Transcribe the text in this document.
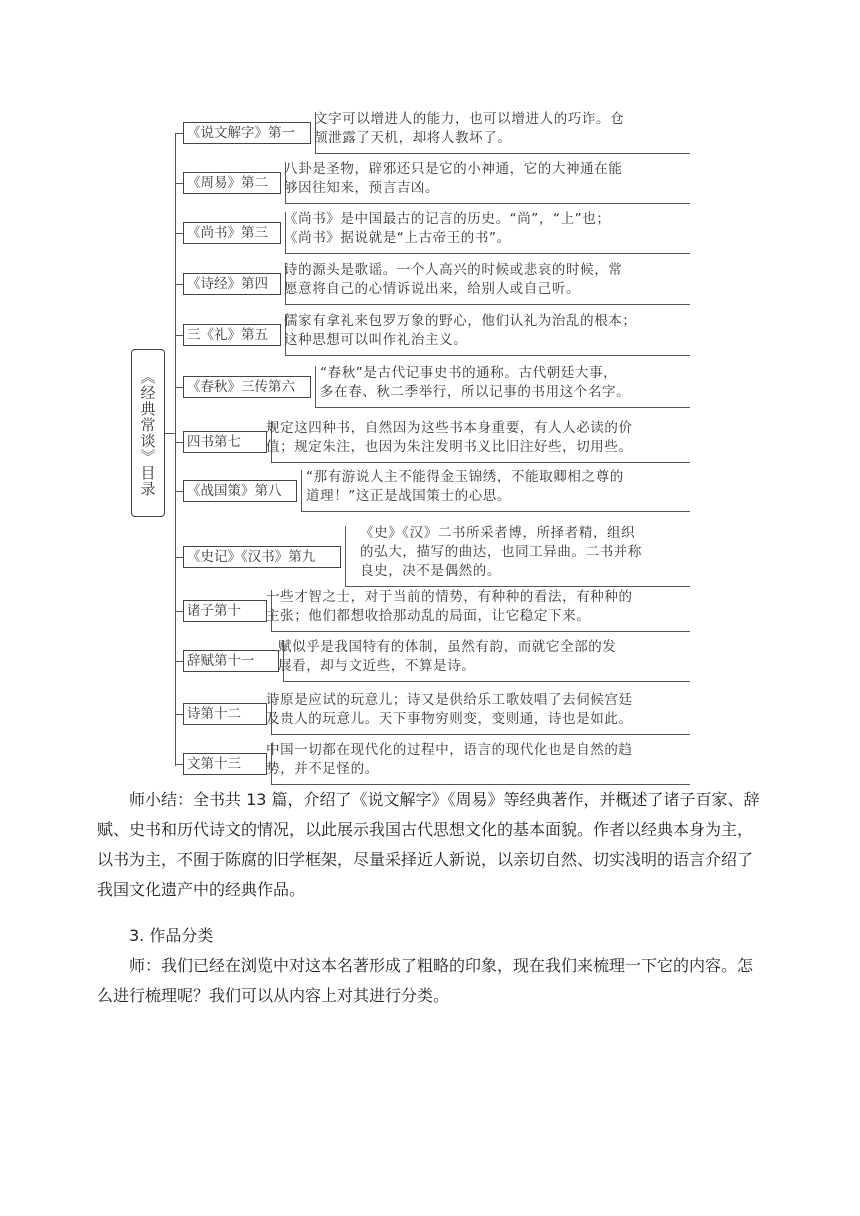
《经典常谈》目录
《说文解字》第一
文字可以增进人的能力，也可以增进人的巧诈。仓
颉泄露了天机，却将人教坏了。
《周易》第二
八卦是圣物，辟邪还只是它的小神通，它的大神通在能
够因往知来，预言吉凶。
《尚书》第三
《尚书》是中国最古的记言的历史。“尚”，“上”也；
《尚书》据说就是“上古帝王的书”。
《诗经》第四
诗的源头是歌谣。一个人高兴的时候或悲哀的时候，常
愿意将自己的心情诉说出来，给别人或自己听。
三《礼》第五
儒家有拿礼来包罗万象的野心，他们认礼为治乱的根本；
这种思想可以叫作礼治主义。
《春秋》三传第六
“春秋”是古代记事史书的通称。古代朝廷大事，
多在春、秋二季举行，所以记事的书用这个名字。
四书第七
规定这四种书，自然因为这些书本身重要，有人人必读的价
值；规定朱注，也因为朱注发明书义比旧注好些，切用些。
《战国策》第八
“那有游说人主不能得金玉锦绣，不能取卿相之尊的
道理！”这正是战国策士的心思。
《史记》《汉书》第九
《史》《汉》二书所采者博，所择者精，组织
的弘大，描写的曲达，也同工异曲。二书并称
良史，决不是偶然的。
诸子第十
一些才智之士，对于当前的情势，有种种的看法，有种种的
主张；他们都想收拾那动乱的局面，让它稳定下来。
辞赋第十一
赋似乎是我国特有的体制，虽然有韵，而就它全部的发
展看，却与文近些，不算是诗。
诗第十二
诗原是应试的玩意儿；诗又是供给乐工歌妓唱了去伺候宫廷
及贵人的玩意儿。天下事物穷则变，变则通，诗也是如此。
文第十三
中国一切都在现代化的过程中，语言的现代化也是自然的趋
势，并不足怪的。

师小结：全书共 13 篇，介绍了《说文解字》《周易》等经典著作，并概述了诸子百家、辞赋、史书和历代诗文的情况，以此展示我国古代思想文化的基本面貌。作者以经典本身为主，以书为主，不囿于陈腐的旧学框架，尽量采择近人新说，以亲切自然、切实浅明的语言介绍了我国文化遗产中的经典作品。

3. 作品分类

师：我们已经在浏览中对这本名著形成了粗略的印象，现在我们来梳理一下它的内容。怎么进行梳理呢？我们可以从内容上对其进行分类。
